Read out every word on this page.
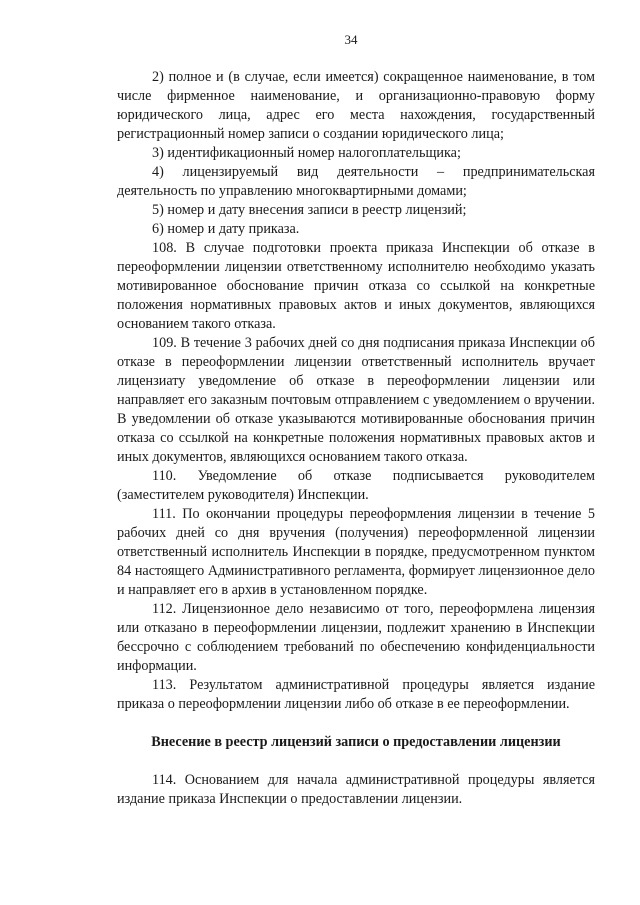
34

2) полное и (в случае, если имеется) сокращенное наименование, в том числе фирменное наименование, и организационно-правовую форму юридического лица, адрес его места нахождения, государственный регистрационный номер записи о создании юридического лица;

3) идентификационный номер налогоплательщика;

4) лицензируемый вид деятельности – предпринимательская деятельность по управлению многоквартирными домами;

5) номер и дату внесения записи в реестр лицензий;

6) номер и дату приказа.

108. В случае подготовки проекта приказа Инспекции об отказе в переоформлении лицензии ответственному исполнителю необходимо указать мотивированное обоснование причин отказа со ссылкой на конкретные положения нормативных правовых актов и иных документов, являющихся основанием такого отказа.

109. В течение 3 рабочих дней со дня подписания приказа Инспекции об отказе в переоформлении лицензии ответственный исполнитель вручает лицензиату уведомление об отказе в переоформлении лицензии или направляет его заказным почтовым отправлением с уведомлением о вручении. В уведомлении об отказе указываются мотивированные обоснования причин отказа со ссылкой на конкретные положения нормативных правовых актов и иных документов, являющихся основанием такого отказа.

110. Уведомление об отказе подписывается руководителем (заместителем руководителя) Инспекции.

111. По окончании процедуры переоформления лицензии в течение 5 рабочих дней со дня вручения (получения) переоформленной лицензии ответственный исполнитель Инспекции в порядке, предусмотренном пунктом 84 настоящего Административного регламента, формирует лицензионное дело и направляет его в архив в установленном порядке.

112. Лицензионное дело независимо от того, переоформлена лицензия или отказано в переоформлении лицензии, подлежит хранению в Инспекции бессрочно с соблюдением требований по обеспечению конфиденциальности информации.

113. Результатом административной процедуры является издание приказа о переоформлении лицензии либо об отказе в ее переоформлении.

Внесение в реестр лицензий записи о предоставлении лицензии

114. Основанием для начала административной процедуры является издание приказа Инспекции о предоставлении лицензии.
